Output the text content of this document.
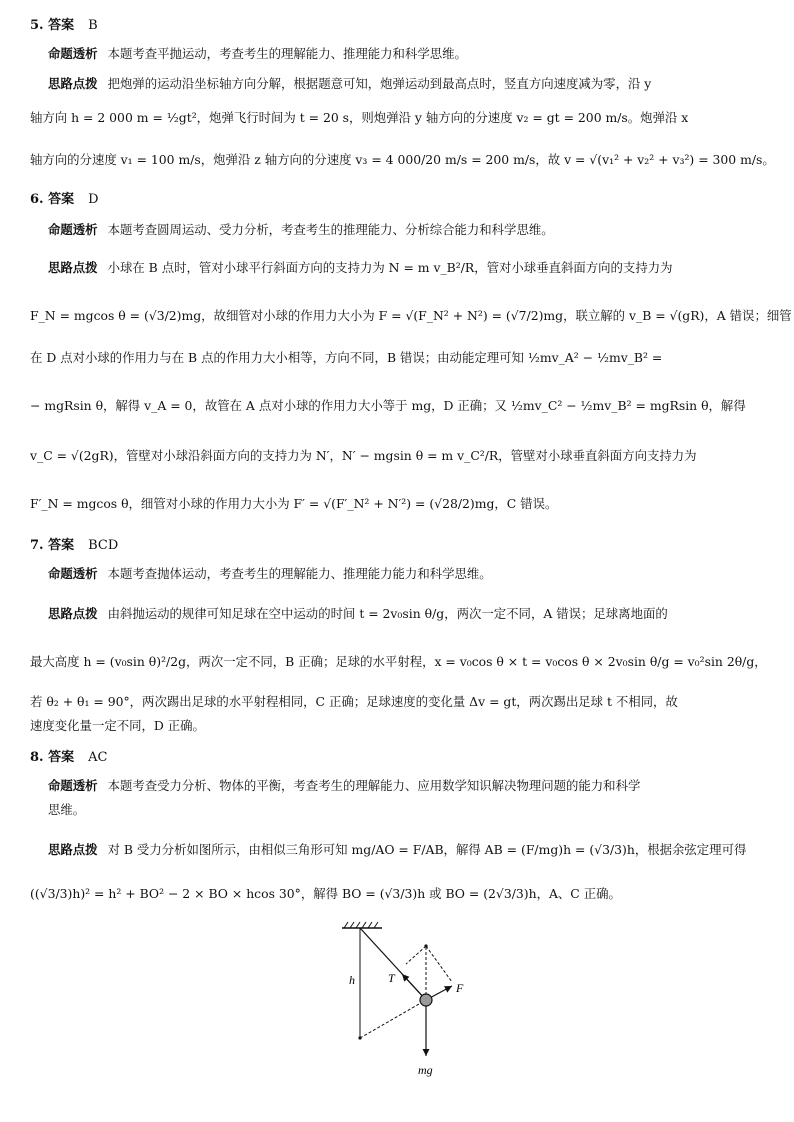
5. 答案 B
命题透析 本题考查平抛运动，考查考生的理解能力、推理能力和科学思维。
思路点拨 把炮弹的运动沿坐标轴方向分解，根据题意可知，炮弹运动到最高点时，竖直方向速度减为零，沿 y
轴方向 h = 2 000 m = ½gt²，炮弹飞行时间为 t = 20 s，则炮弹沿 y 轴方向的分速度 v₂ = gt = 200 m/s。炮弹沿 x
轴方向的分速度 v₁ = 100 m/s，炮弹沿 z 轴方向的分速度 v₃ = 4 000/20 m/s = 200 m/s，故 v = √(v₁² + v₂² + v₃²) = 300 m/s。
6. 答案 D
命题透析 本题考查圆周运动、受力分析，考查考生的推理能力、分析综合能力和科学思维。
思路点拨 小球在 B 点时，管对小球平行斜面方向的支持力为 N = m v_B²/R，管对小球垂直斜面方向的支持力为
F_N = mgcos θ = (√3/2)mg，故细管对小球的作用力大小为 F = √(F_N² + N²) = (√7/2)mg，联立解的 v_B = √(gR)，A 错误；细管
在 D 点对小球的作用力与在 B 点的作用力大小相等，方向不同，B 错误；由动能定理可知 ½mv_A² − ½mv_B² =
− mgRsin θ，解得 v_A = 0，故管在 A 点对小球的作用力大小等于 mg，D 正确；又 ½mv_C² − ½mv_B² = mgRsin θ，解得
v_C = √(2gR)，管壁对小球沿斜面方向的支持力为 N′，N′ − mgsin θ = m v_C²/R，管壁对小球垂直斜面方向支持力为
F′_N = mgcos θ，细管对小球的作用力大小为 F′ = √(F′_N² + N′²) = (√28/2)mg，C 错误。
7. 答案 BCD
命题透析 本题考查抛体运动，考查考生的理解能力、推理能力能力和科学思维。
思路点拨 由斜抛运动的规律可知足球在空中运动的时间 t = 2v₀sin θ/g，两次一定不同，A 错误；足球离地面的
最大高度 h = (v₀sin θ)²/2g，两次一定不同，B 正确；足球的水平射程，x = v₀cos θ × t = v₀cos θ × 2v₀sin θ/g = v₀²sin 2θ/g，
若 θ₂ + θ₁ = 90°，两次踢出足球的水平射程相同，C 正确；足球速度的变化量 Δv = gt，两次踢出足球 t 不相同，故
速度变化量一定不同，D 正确。
8. 答案 AC
命题透析 本题考查受力分析、物体的平衡，考查考生的理解能力、应用数学知识解决物理问题的能力和科学
思维。
思路点拨 对 B 受力分析如图所示，由相似三角形可知 mg/AO = F/AB，解得 AB = (F/mg)h = (√3/3)h，根据余弦定理可得
((√3/3)h)² = h² + BO² − 2 × BO × hcos 30°，解得 BO = (√3/3)h 或 BO = (2√3/3)h，A、C 正确。
h	T
F
mg
